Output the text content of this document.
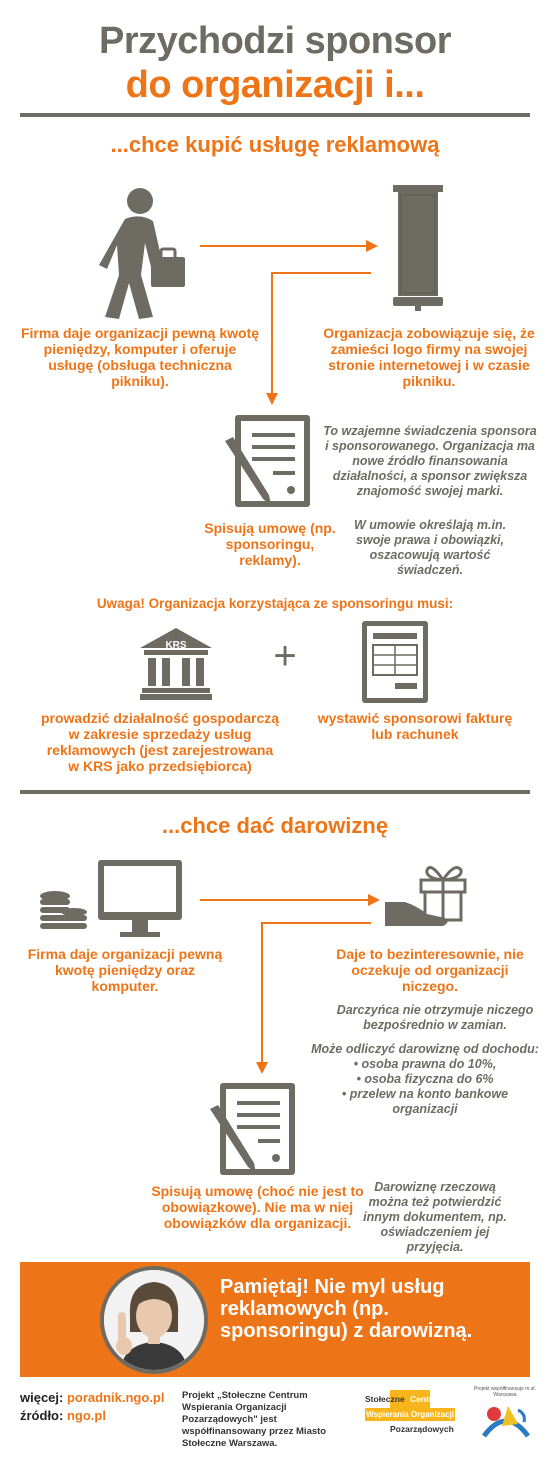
Przychodzi sponsor
do organizacji i...
...chce kupić usługę reklamową
Firma daje organizacji pewną kwotę pieniędzy, komputer i oferuje usługę (obsługa techniczna pikniku).
Organizacja zobowiązuje się, że zamieści logo firmy na swojej stronie internetowej i w czasie pikniku.
To wzajemne świadczenia sponsora i sponsorowanego. Organizacja ma nowe źródło finansowania działalności, a sponsor zwiększa znajomość swojej marki.
Spisują umowę (np. sponsoringu, reklamy).
W umowie określają m.in. swoje prawa i obowiązki, oszacowują wartość świadczeń.
Uwaga! Organizacja korzystająca ze sponsoringu musi:
KRS	+
prowadzić działalność gospodarczą w zakresie sprzedaży usług reklamowych (jest zarejestrowana w KRS jako przedsiębiorca)
wystawić sponsorowi fakturę lub rachunek
...chce dać darowiznę
Firma daje organizacji pewną kwotę pieniędzy oraz komputer.
Daje to bezinteresownie, nie oczekuje od organizacji niczego.
Darczyńca nie otrzymuje niczego bezpośrednio w zamian.
Może odliczyć darowiznę od dochodu:
• osoba prawna do 10%,
• osoba fizyczna do 6%
• przelew na konto bankowe organizacji
Spisują umowę (choć nie jest to obowiązkowe). Nie ma w niej obowiązków dla organizacji.
Darowiznę rzeczową można też potwierdzić innym dokumentem, np. oświadczeniem jej przyjęcia.
Pamiętaj! Nie myl usług reklamowych (np. sponsoringu) z darowizną.
więcej: poradnik.ngo.pl
źródło: ngo.pl
Projekt „Stołeczne Centrum Wspierania Organizacji Pozarządowych" jest współfinansowany przez Miasto Stołeczne Warszawa.
Stołeczne Centrum
Wspierania Organizacji
Pozarządowych
Projekt współfinansuje m.st. Warszawa
